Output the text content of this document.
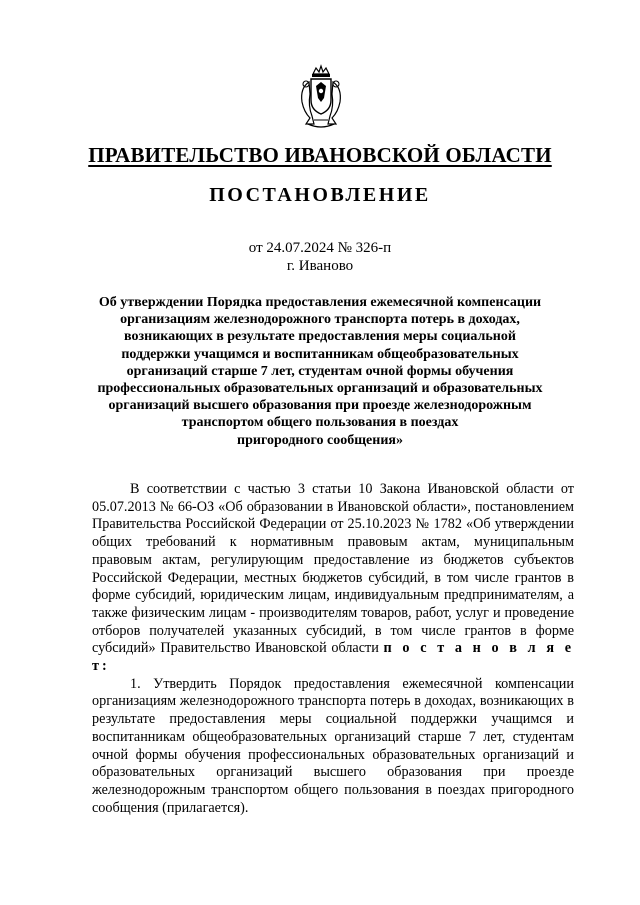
ПРАВИТЕЛЬСТВО ИВАНОВСКОЙ ОБЛАСТИ
ПОСТАНОВЛЕНИЕ

от 24.07.2024 № 326-п

г. Иваново

Об утверждении Порядка предоставления ежемесячной компенсации
организациям железнодорожного транспорта потерь в доходах,
возникающих в результате предоставления меры социальной
поддержки учащимся и воспитанникам общеобразовательных
организаций старше 7 лет, студентам очной формы обучения
профессиональных образовательных организаций и образовательных
организаций высшего образования при проезде железнодорожным
транспортом общего пользования в поездах
пригородного сообщения»

В соответствии с частью 3 статьи 10 Закона Ивановской области от 05.07.2013 № 66-ОЗ «Об образовании в Ивановской области», постановлением Правительства Российской Федерации от 25.10.2023 № 1782 «Об утверждении общих требований к нормативным правовым актам, муниципальным правовым актам, регулирующим предоставление из бюджетов субъектов Российской Федерации, местных бюджетов субсидий, в том числе грантов в форме субсидий, юридическим лицам, индивидуальным предпринимателям, а также физическим лицам - производителям товаров, работ, услуг и проведение отборов получателей указанных субсидий, в том числе грантов в форме субсидий» Правительство Ивановской области п о с т а н о в л я е т:

1. Утвердить Порядок предоставления ежемесячной компенсации организациям железнодорожного транспорта потерь в доходах, возникающих в результате предоставления меры социальной поддержки учащимся и воспитанникам общеобразовательных организаций старше 7 лет, студентам очной формы обучения профессиональных образовательных организаций и образовательных организаций высшего образования при проезде железнодорожным транспортом общего пользования в поездах пригородного сообщения (прилагается).
